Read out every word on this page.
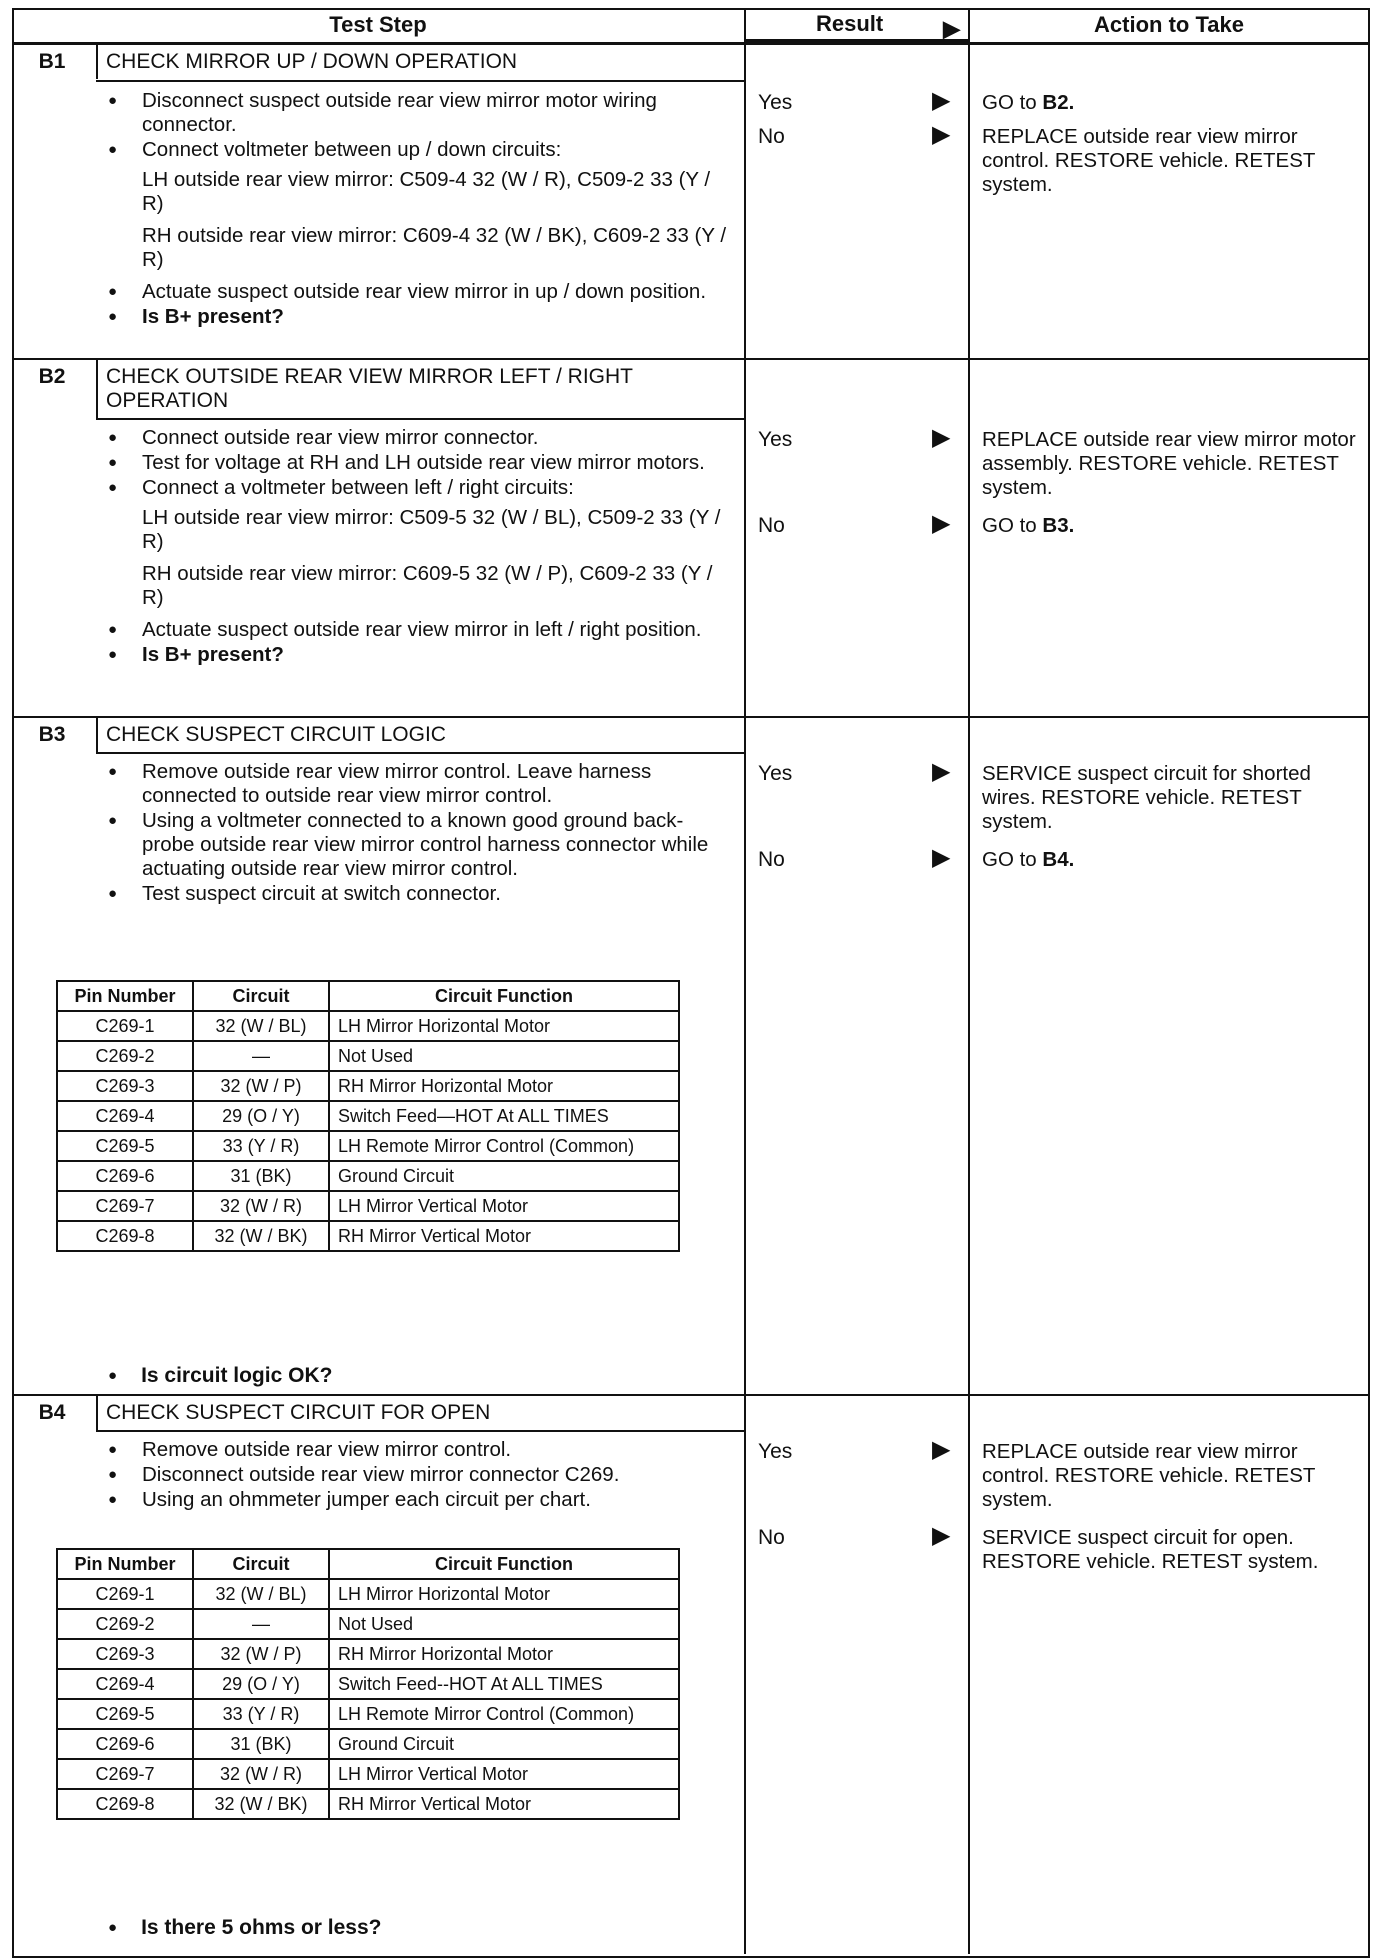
Test Step	Result	▶	Action to Take
B1	CHECK MIRROR UP / DOWN OPERATION
● Disconnect suspect outside rear view mirror motor wiring connector.
● Connect voltmeter between up / down circuits:
LH outside rear view mirror: C509-4 32 (W / R), C509-2 33 (Y / R)
RH outside rear view mirror: C609-4 32 (W / BK), C609-2 33 (Y / R)
● Actuate suspect outside rear view mirror in up / down position.
● Is B+ present?
Yes	▶ GO to B2.
No	▶ REPLACE outside rear view mirror control. RESTORE vehicle. RETEST system.
B2	CHECK OUTSIDE REAR VIEW MIRROR LEFT / RIGHT OPERATION
● Connect outside rear view mirror connector.
● Test for voltage at RH and LH outside rear view mirror motors.
● Connect a voltmeter between left / right circuits:
LH outside rear view mirror: C509-5 32 (W / BL), C509-2 33 (Y / R)
RH outside rear view mirror: C609-5 32 (W / P), C609-2 33 (Y / R)
● Actuate suspect outside rear view mirror in left / right position.
● Is B+ present?
Yes	▶ REPLACE outside rear view mirror motor assembly. RESTORE vehicle. RETEST system.
No	▶ GO to B3.
B3	CHECK SUSPECT CIRCUIT LOGIC
● Remove outside rear view mirror control. Leave harness connected to outside rear view mirror control.
● Using a voltmeter connected to a known good ground back-probe outside rear view mirror control harness connector while actuating outside rear view mirror control.
● Test suspect circuit at switch connector.
Pin Number	Circuit	Circuit Function
C269-1	32 (W / BL)	LH Mirror Horizontal Motor
C269-2	—	Not Used
C269-3	32 (W / P)	RH Mirror Horizontal Motor
C269-4	29 (O / Y)	Switch Feed—HOT At ALL TIMES
C269-5	33 (Y / R)	LH Remote Mirror Control (Common)
C269-6	31 (BK)	Ground Circuit
C269-7	32 (W / R)	LH Mirror Vertical Motor
C269-8	32 (W / BK)	RH Mirror Vertical Motor
● Is circuit logic OK?
Yes	▶ SERVICE suspect circuit for shorted wires. RESTORE vehicle. RETEST system.
No	▶ GO to B4.
B4	CHECK SUSPECT CIRCUIT FOR OPEN
● Remove outside rear view mirror control.
● Disconnect outside rear view mirror connector C269.
● Using an ohmmeter jumper each circuit per chart.
Pin Number	Circuit	Circuit Function
C269-1	32 (W / BL)	LH Mirror Horizontal Motor
C269-2	—	Not Used
C269-3	32 (W / P)	RH Mirror Horizontal Motor
C269-4	29 (O / Y)	Switch Feed--HOT At ALL TIMES
C269-5	33 (Y / R)	LH Remote Mirror Control (Common)
C269-6	31 (BK)	Ground Circuit
C269-7	32 (W / R)	LH Mirror Vertical Motor
C269-8	32 (W / BK)	RH Mirror Vertical Motor
● Is there 5 ohms or less?
Yes	▶ REPLACE outside rear view mirror control. RESTORE vehicle. RETEST system.
No	▶ SERVICE suspect circuit for open. RESTORE vehicle. RETEST system.
